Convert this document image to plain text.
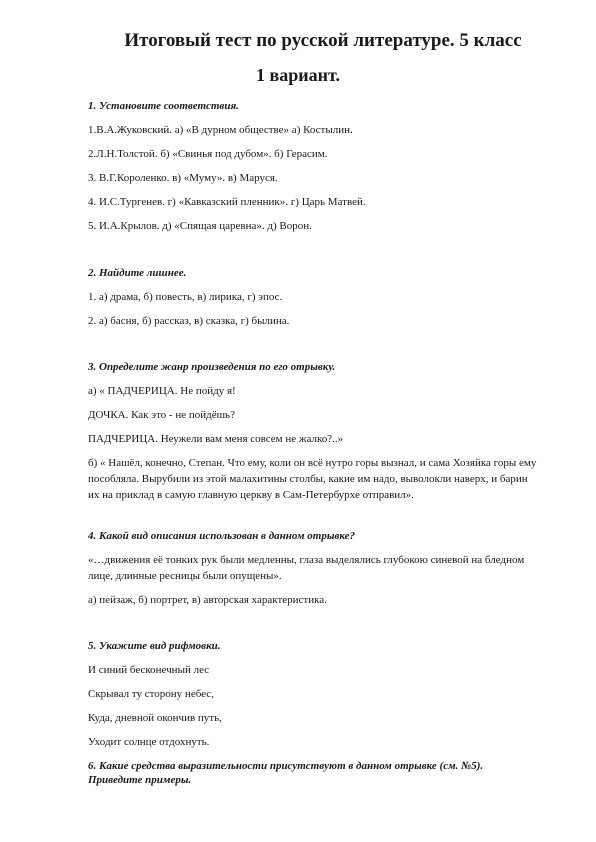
Итоговый тест по русской литературе. 5 класс
1 вариант.
1. Установите соответствия.
1.В.А.Жуковский. а) «В дурном обществе» а) Костылин.
2.Л.Н.Толстой. б) «Свинья под дубом». б) Герасим.
3. В.Г.Короленко. в) «Муму». в) Маруся.
4. И.С.Тургенев. г) «Кавказский пленник». г) Царь Матвей.
5. И.А.Крылов. д) «Спящая царевна». д) Ворон.
2. Найдите лишнее.
1. а) драма, б) повесть, в) лирика, г) эпос.
2. а) басня, б) рассказ, в) сказка, г) былина.
3. Определите жанр произведения по его отрывку.
а) « ПАДЧЕРИЦА. Не пойду я!
ДОЧКА. Как это - не пойдёшь?
ПАДЧЕРИЦА. Неужели вам меня совсем не жалко?..»
б) « Нашёл, конечно, Степан. Что ему, коли он всё нутро горы вызнал, и сама Хозяйка горы ему пособляла. Вырубили из этой малахитины столбы, какие им надо, выволокли наверх, и барин их на приклад в самую главную церкву в Сам-Петербурхе отправил».
4. Какой вид описания использован в данном отрывке?
«…движения её тонких рук были медленны, глаза выделялись глубокою синевой на бледном лице, длинные ресницы были опущены».
а) пейзаж, б) портрет, в) авторская характеристика.
5. Укажите вид рифмовки.
И синий бесконечный лес
Скрывал ту сторону небес,
Куда, дневной окончив путь,
Уходит солнце отдохнуть.
6. Какие средства выразительности присутствуют в данном отрывке (см. №5). Приведите примеры.
